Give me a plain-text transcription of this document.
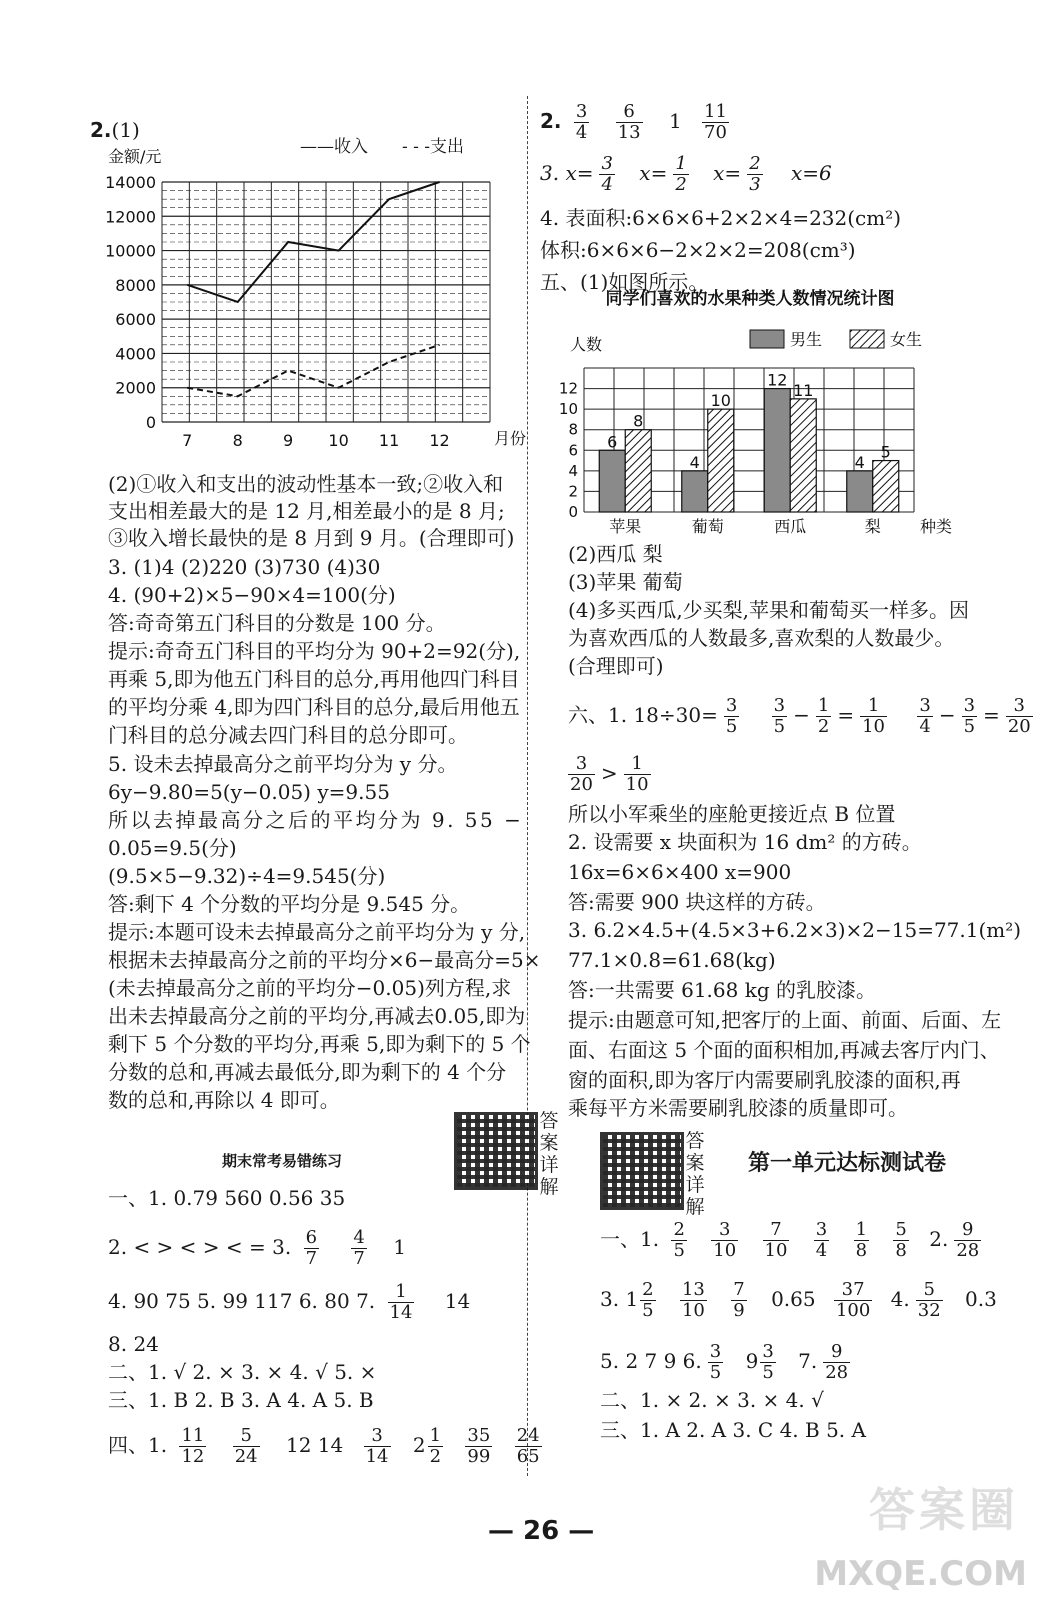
2.(1)
——收入 - - -支出
金额/元
0
2000
4000
6000
8000
10000
12000
14000
7	8	9 10 11 12	月份
(2)①收入和支出的波动性基本一致;②收入和
支出相差最大的是 12 月,相差最小的是 8 月;
③收入增长最快的是 8 月到 9 月。(合理即可)
3. (1)4 (2)220 (3)730 (4)30
4. (90+2)×5−90×4=100(分)
答:奇奇第五门科目的分数是 100 分。
提示:奇奇五门科目的平均分为 90+2=92(分),
再乘 5,即为他五门科目的总分,再用他四门科目
的平均分乘 4,即为四门科目的总分,最后用他五
门科目的总分减去四门科目的总分即可。
5. 设未去掉最高分之前平均分为 y 分。
6y−9.80=5(y−0.05) y=9.55
所以去掉最高分之后的平均分为 9. 55 −
0.05=9.5(分)
(9.5×5−9.32)÷4=9.545(分)
答:剩下 4 个分数的平均分是 9.545 分。
提示:本题可设未去掉最高分之前平均分为 y 分,
根据未去掉最高分之前的平均分×6−最高分=5×
(未去掉最高分之前的平均分−0.05)列方程,求
出未去掉最高分之前的平均分,再减去0.05,即为
剩下 5 个分数的平均分,再乘 5,即为剩下的 5 个
分数的总和,再减去最低分,即为剩下的 4 个分
数的总和,再除以 4 即可。
期末常考易错练习
答案详解
一、1. 0.79 560 0.56 35
2. < > < > < = 3. $\frac{6}{7}$
$\frac{4}{7} 1$
4. 90 75 5. 99 117 6. 80 7. $\frac{1}{14} 14$
8. 24
二、1. √ 2. × 3. × 4. √ 5. ×
三、1. B 2. B 3. A 4. A 5. B
四、1. $\frac{11}{12}$
$\frac{5}{24} 12$ $14 \frac{3}{14} 2 \frac{1}{2}$
$\frac{35}{99}$
$\frac{24}{65}$
2. $\frac{3}{4}$
$\frac{6}{13} 1 \frac{11}{70}$
3. $x= \frac{3}{4} x= \frac{1}{2} x= \frac{2}{3} x=6$
4. 表面积:6×6×6+2×2×4=232(cm²)
体积:6×6×6−2×2×2=208(cm³)
五、(1)如图所示。
同学们喜欢的水果种类人数情况统计图
人数	男生	女生
0
2
4
6
8
10
12
苹果
6
8
葡萄
4
10
西瓜
12
11
梨
4
5
种类
(2)西瓜 梨
(3)苹果 葡萄
(4)多买西瓜,少买梨,苹果和葡萄买一样多。因
为喜欢西瓜的人数最多,喜欢梨的人数最少。
(合理即可)
六、1. $18\div 30= \frac{3}{5}$
$\frac{3}{5} - \frac{1}{2} = \frac{1}{10}$
$\frac{3}{4} - \frac{3}{5} = \frac{3}{20}$
$\frac{3}{20} > \frac{1}{10}$
所以小军乘坐的座舱更接近点 B 位置
2. 设需要 x 块面积为 16 dm² 的方砖。
16x=6×6×400 x=900
答:需要 900 块这样的方砖。
3. 6.2×4.5+(4.5×3+6.2×3)×2−15=77.1(m²)
77.1×0.8=61.68(kg)
答:一共需要 61.68 kg 的乳胶漆。
提示:由题意可知,把客厅的上面、前面、后面、左
面、右面这 5 个面的面积相加,再减去客厅内门、
窗的面积,即为客厅内需要刷乳胶漆的面积,再
乘每平方米需要刷乳胶漆的质量即可。
答案详解
第一单元达标测试卷
一、1. $\frac{2}{5}$
$\frac{3}{10}$
$\frac{7}{10}$
$\frac{3}{4}$
$\frac{1}{8}$
$\frac{5}{8} 2$. $\frac{9}{28}$
3. $1 \frac{2}{5}$
$\frac{13}{10}$
$\frac{7}{9} 0.65 \frac{37}{100} 4$. $\frac{5}{32} 0.3$
5. 2 7 9 6. $\frac{3}{5} 9 \frac{3}{5} 7$. $\frac{9}{28}$
二、1. × 2. × 3. × 4. √
三、1. A 2. A 3. C 4. B 5. A
— 26 —	答案圈
MXQE.COM
